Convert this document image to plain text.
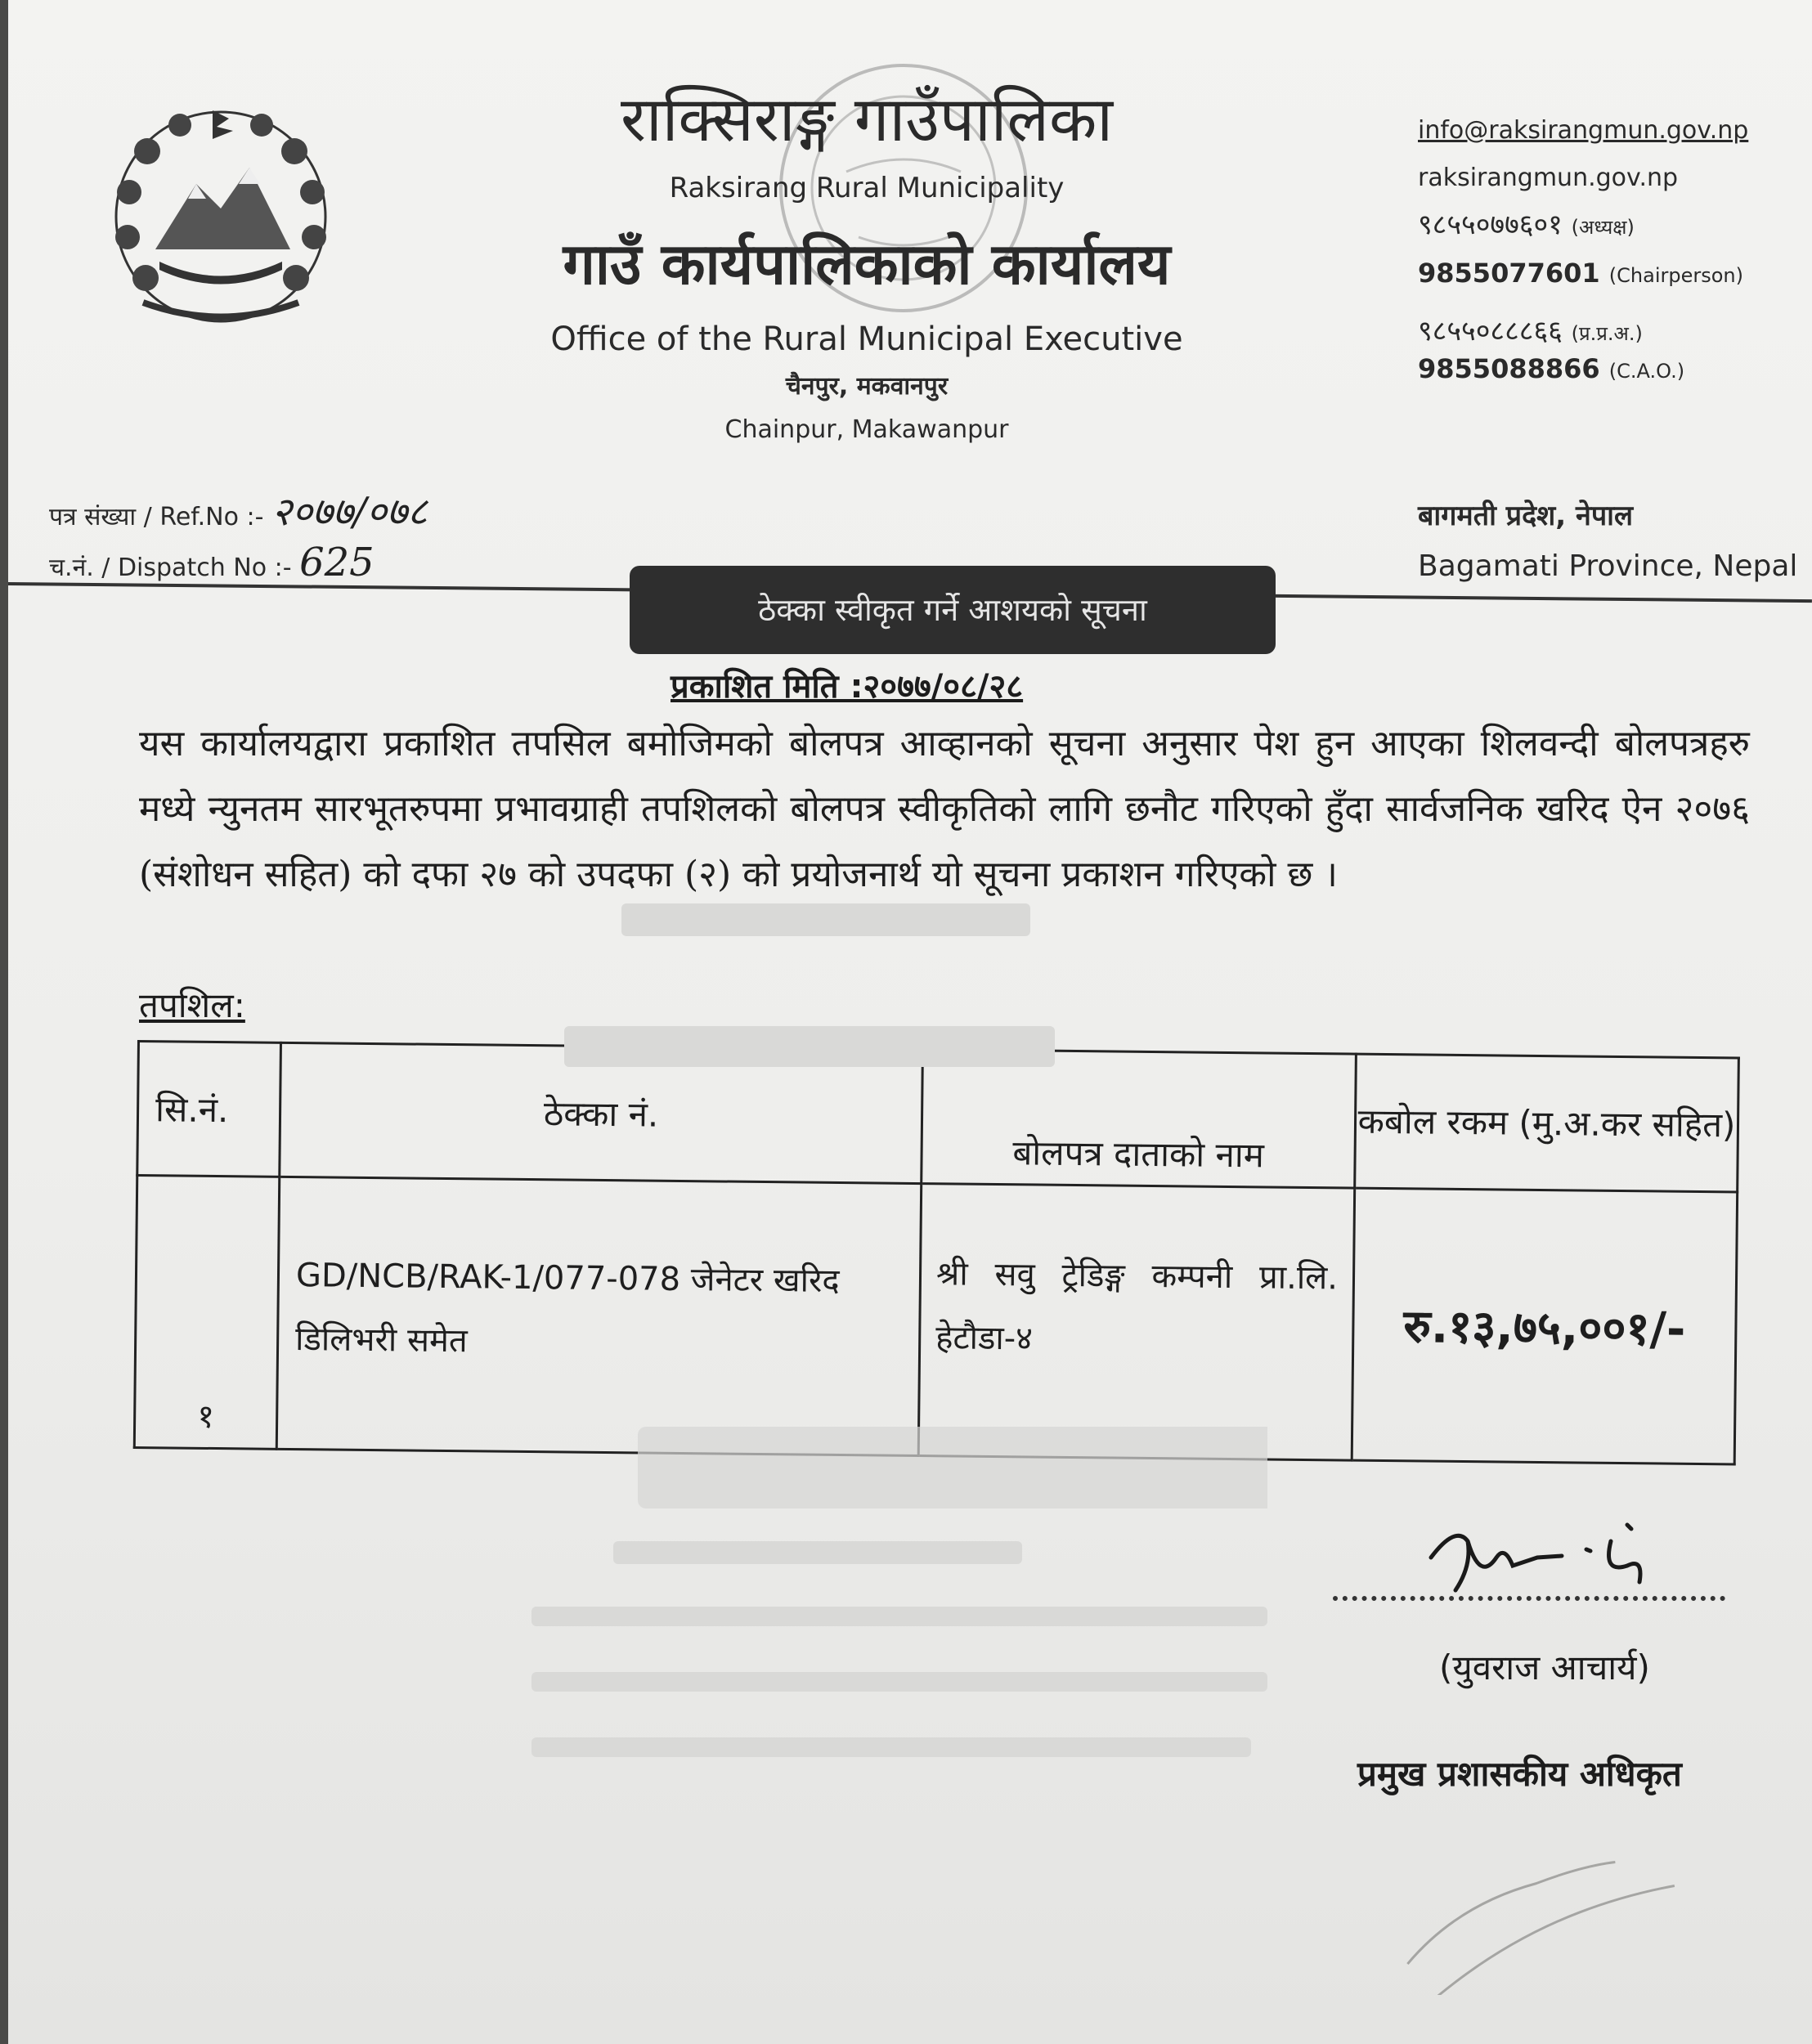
राक्सिराङ्ग गाउँपालिका
Raksirang Rural Municipality
गाउँ कार्यपालिकाको कार्यालय
Office of the Rural Municipal Executive
चैनपुर, मकवानपुर
Chainpur, Makawanpur
info@raksirangmun.gov.np
raksirangmun.gov.np
९८५५०७७६०१ (अध्यक्ष)
9855077601 (Chairperson)
९८५५०८८८६६ (प्र.प्र.अ.)
9855088866 (C.A.O.)
बागमती प्रदेश, नेपाल
Bagamati Province, Nepal
पत्र संख्या / Ref.No :- २०७७/०७८
च.नं. / Dispatch No :- 625
ठेक्का स्वीकृत गर्ने आशयको सूचना
प्रकाशित मिति :२०७७/०८/२८
यस कार्यालयद्वारा प्रकाशित तपसिल बमोजिमको बोलपत्र आव्हानको सूचना अनुसार पेश हुन आएका शिलवन्दी बोलपत्रहरु मध्ये न्युनतम सारभूतरुपमा प्रभावग्राही तपशिलको बोलपत्र स्वीकृतिको लागि छनौट गरिएको हुँदा सार्वजनिक खरिद ऐन २०७६ (संशोधन सहित) को दफा २७ को उपदफा (२) को प्रयोजनार्थ यो सूचना प्रकाशन गरिएको छ ।
तपशिल:
सि.नं.	ठेक्का नं.	बोलपत्र दाताको नाम	कबोल रकम (मु.अ.कर सहित)
१	GD/NCB/RAK-1/077-078 जेनेटर खरिद डिलिभरी समेत	श्री सवु ट्रेडिङ्ग कम्पनी प्रा.लि. हेटौडा-४	रु.१३,७५,००१/-
(युवराज आचार्य)
प्रमुख प्रशासकीय अधिकृत
